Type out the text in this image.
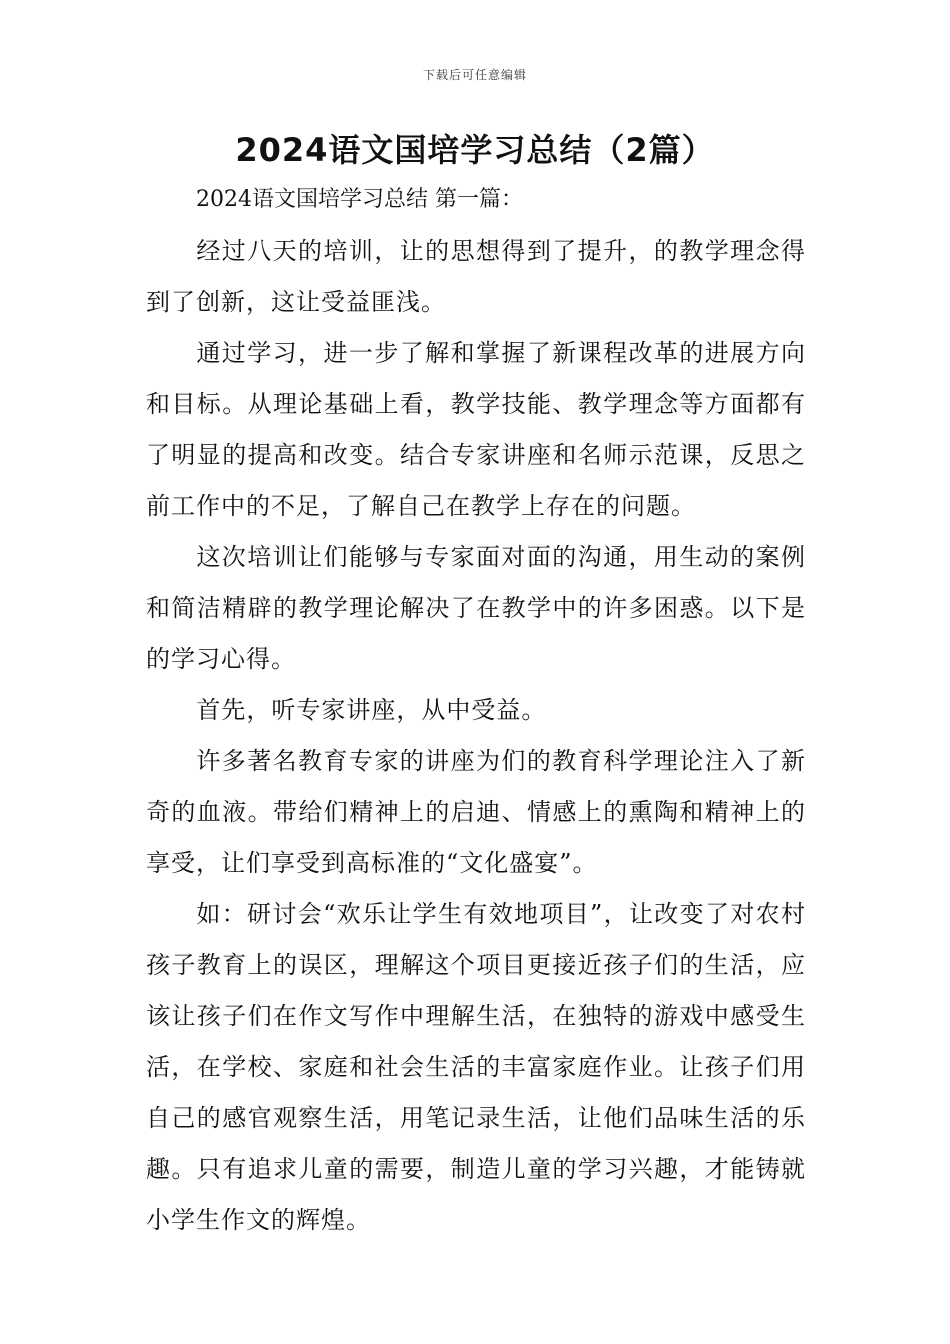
下载后可任意编辑
2024语文国培学习总结（2篇）
2024语文国培学习总结 第一篇：

经过八天的培训，让的思想得到了提升，的教学理念得到了创新，这让受益匪浅。

通过学习，进一步了解和掌握了新课程改革的进展方向和目标。从理论基础上看，教学技能、教学理念等方面都有了明显的提高和改变。结合专家讲座和名师示范课，反思之前工作中的不足，了解自己在教学上存在的问题。

这次培训让们能够与专家面对面的沟通，用生动的案例和简洁精辟的教学理论解决了在教学中的许多困惑。以下是的学习心得。

首先，听专家讲座，从中受益。

许多著名教育专家的讲座为们的教育科学理论注入了新奇的血液。带给们精神上的启迪、情感上的熏陶和精神上的享受，让们享受到高标准的“文化盛宴”。

如：研讨会“欢乐让学生有效地项目”，让改变了对农村孩子教育上的误区，理解这个项目更接近孩子们的生活，应该让孩子们在作文写作中理解生活，在独特的游戏中感受生活，在学校、家庭和社会生活的丰富家庭作业。让孩子们用自己的感官观察生活，用笔记录生活，让他们品味生活的乐趣。只有追求儿童的需要，制造儿童的学习兴趣，才能铸就小学生作文的辉煌。
